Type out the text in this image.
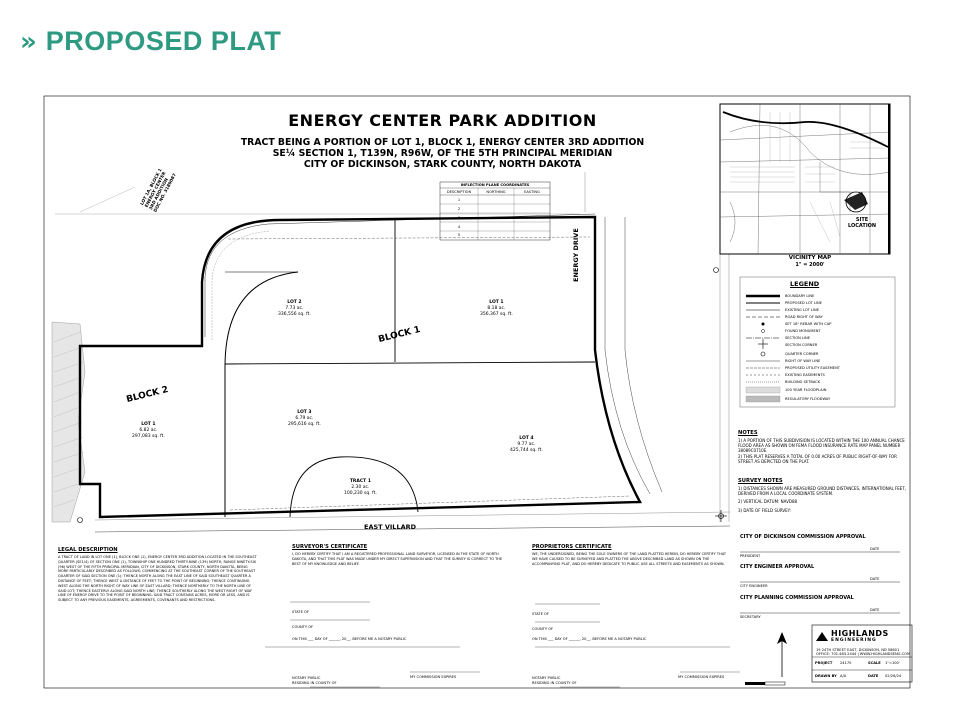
» PROPOSED PLAT
ENERGY CENTER PARK ADDITION
TRACT BEING A PORTION OF LOT 1, BLOCK 1, ENERGY CENTER 3RD ADDITION
SE¼ SECTION 1, T139N, R96W, OF THE 5TH PRINCIPAL MERIDIAN
CITY OF DICKINSON, STARK COUNTY, NORTH DAKOTA
LOT 2
7.73 ac.
336,556 sq. ft.
LOT 1
8.18 ac.
356,367 sq. ft.
LOT 3
6.79 ac.
295,616 sq. ft.
LOT 4
9.77 ac.
425,744 sq. ft.
TRACT 1
2.30 ac.
100,230 sq. ft.
LOT 1
6.82 ac.
297,083 sq. ft.
BLOCK 1
BLOCK 2
EAST VILLARD
ENERGY DRIVE
LOT 1A, BLOCK 1
ENERGY CENTER
3RD ADDITION
DOC NO. 3189087	INFLECTION PLANE COORDINATES
DESCRIPTION	NORTHING	EASTING
1
2
3
4
5
SITE
LOCATION
VICINITY MAP
1" = 2000'
LEGEND
BOUNDARY LINE
PROPOSED LOT LINE
EXISTING LOT LINE
ROAD RIGHT OF WAY
SET 18" REBAR WITH CAP
FOUND MONUMENT
SECTION LINE
SECTION CORNER
QUARTER CORNER
RIGHT OF WAY LINE
PROPOSED UTILITY EASEMENT
EXISTING EASEMENTS
BUILDING SETBACK
100 YEAR FLOODPLAIN
REGULATORY FLOODWAY
NOTES
1) A PORTION OF THIS SUBDIVISION IS LOCATED WITHIN THE 100 ANNUAL CHANCE FLOOD AREA AS SHOWN ON FEMA FLOOD INSURANCE RATE MAP PANEL NUMBER 38089C0710E.
2) THIS PLAT RESERVES A TOTAL OF 0.00 ACRES OF PUBLIC RIGHT-OF-WAY FOR STREET AS DEPICTED ON THE PLAT.
SURVEY NOTES
1) DISTANCES SHOWN ARE MEASURED GROUND DISTANCES, INTERNATIONAL FEET, DERIVED FROM A LOCAL COORDINATE SYSTEM.
2) VERTICAL DATUM: NAVD88
3) DATE OF FIELD SURVEY:
LEGAL DESCRIPTION
A TRACT OF LAND IN LOT ONE (1), BLOCK ONE (1), ENERGY CENTER 3RD ADDITION LOCATED IN THE SOUTHEAST QUARTER (SE1/4) OF SECTION ONE (1), TOWNSHIP ONE HUNDRED THIRTY-NINE (139) NORTH, RANGE NINETY-SIX (96) WEST OF THE FIFTH PRINCIPAL MERIDIAN, CITY OF DICKINSON, STARK COUNTY, NORTH DAKOTA, BEING MORE PARTICULARLY DESCRIBED AS FOLLOWS: COMMENCING AT THE SOUTHEAST CORNER OF THE SOUTHEAST QUARTER OF SAID SECTION ONE (1); THENCE NORTH ALONG THE EAST LINE OF SAID SOUTHEAST QUARTER A DISTANCE OF FEET; THENCE WEST A DISTANCE OF FEET TO THE POINT OF BEGINNING; THENCE CONTINUING WEST ALONG THE NORTH RIGHT OF WAY LINE OF EAST VILLARD; THENCE NORTHERLY TO THE NORTH LINE OF SAID LOT; THENCE EASTERLY ALONG SAID NORTH LINE; THENCE SOUTHERLY ALONG THE WEST RIGHT OF WAY LINE OF ENERGY DRIVE TO THE POINT OF BEGINNING. SAID TRACT CONTAINS ACRES, MORE OR LESS, AND IS SUBJECT TO ANY PREVIOUS EASEMENTS, AGREEMENTS, COVENANTS AND RESTRICTIONS.
SURVEYOR'S CERTIFICATE
I, DO HEREBY CERTIFY THAT I AM A REGISTERED PROFESSIONAL LAND SURVEYOR, LICENSED IN THE STATE OF NORTH DAKOTA, AND THAT THIS PLAT WAS MADE UNDER MY DIRECT SUPERVISION AND THAT THE SURVEY IS CORRECT TO THE BEST OF MY KNOWLEDGE AND BELIEF.
STATE OF
COUNTY OF
ON THIS ___ DAY OF ______, 20__, BEFORE ME A NOTARY PUBLIC
MY COMMISSION EXPIRES
NOTARY PUBLIC
RESIDING IN COUNTY OF
PROPRIETORS CERTIFICATE
WE, THE UNDERSIGNED, BEING THE SOLE OWNERS OF THE LAND PLATTED HEREIN, DO HEREBY CERTIFY THAT WE HAVE CAUSED TO BE SURVEYED AND PLATTED THE ABOVE DESCRIBED LAND AS SHOWN ON THE ACCOMPANYING PLAT, AND DO HEREBY DEDICATE TO PUBLIC USE ALL STREETS AND EASEMENTS AS SHOWN.
STATE OF
COUNTY OF
ON THIS ___ DAY OF ______, 20__, BEFORE ME A NOTARY PUBLIC
MY COMMISSION EXPIRES
NOTARY PUBLIC
RESIDING IN COUNTY OF
CITY OF DICKINSON COMMISSION APPROVAL
PRESIDENT
DATE
CITY ENGINEER APPROVAL
CITY ENGINEER
DATE
CITY PLANNING COMMISSION APPROVAL
SECRETARY
DATE
HIGHLANDS
ENGINEERING
19 24TH STREET EAST, DICKINSON, ND 58601
OFFICE: 701.483.2444 | WWW.HIGHLANDSENG.COM
PROJECT 24170	SCALE 1"=100'
DRAWN BY A/A	DATE 02/26/24
